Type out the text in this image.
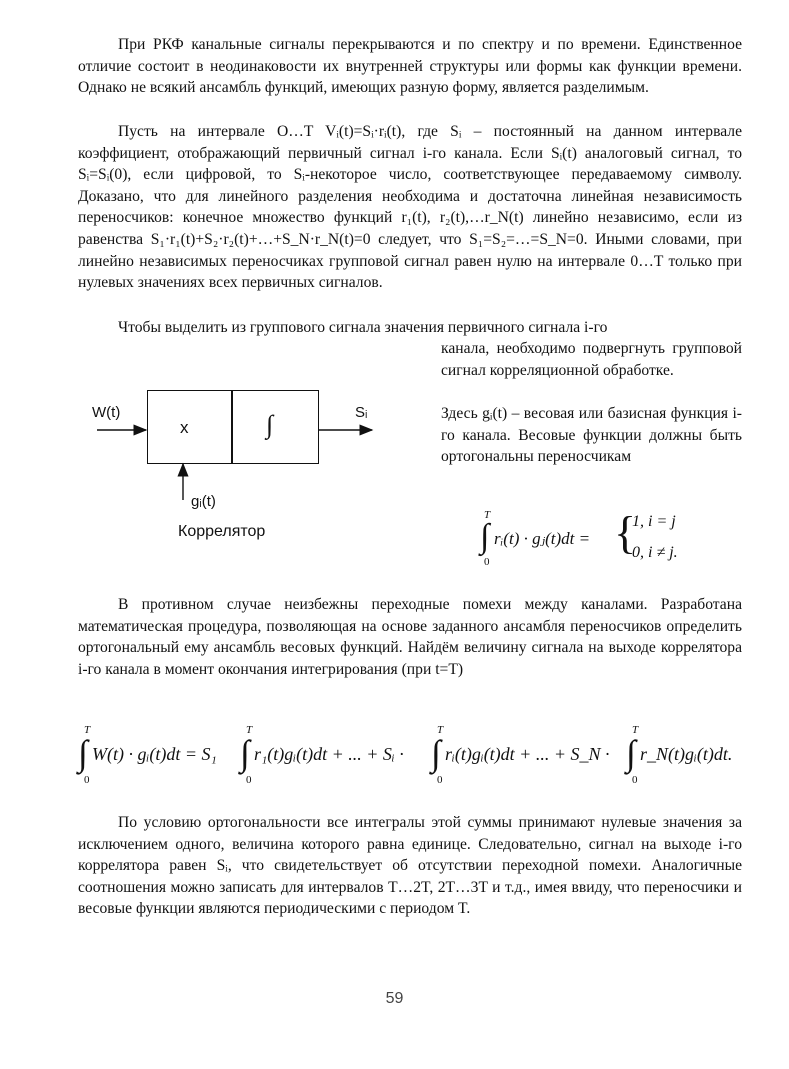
При РКФ канальные сигналы перекрываются и по спектру и по времени. Единственное отличие состоит в неодинаковости их внутренней структуры или формы как функции времени. Однако не всякий ансамбль функций, имеющих разную форму, является разделимым.

Пусть на интервале O…T Vᵢ(t)=Sᵢ·rᵢ(t), где Sᵢ – постоянный на данном интервале коэффициент, отображающий первичный сигнал i-го канала. Если Sᵢ(t) аналоговый сигнал, то Sᵢ=Sᵢ(0), если цифровой, то Sᵢ-некоторое число, соответствующее передаваемому символу. Доказано, что для линейного разделения необходима и достаточна линейная независимость переносчиков: конечное множество функций r₁(t), r₂(t),…r_N(t) линейно независимо, если из равенства S₁·r₁(t)+S₂·r₂(t)+…+S_N·r_N(t)=0 следует, что S₁=S₂=…=S_N=0. Иными словами, при линейно независимых переносчиках групповой сигнал равен нулю на интервале 0…T только при нулевых значениях всех первичных сигналов.

Чтобы выделить из группового сигнала значения первичного сигнала i-го

канала, необходимо подвергнуть групповой сигнал корреляционной обработке.

Здесь gᵢ(t) – весовая или базисная функция i-го канала. Весовые функции должны быть ортогональны переносчикам

W(t)
x	∫	Sᵢ
gᵢ(t)
Коррелятор
T
∫
0
rᵢ(t) · gⱼ(t)dt = {
1, i = j
0, i ≠ j.

В противном случае неизбежны переходные помехи между каналами. Разработана математическая процедура, позволяющая на основе заданного ансамбля переносчиков определить ортогональный ему ансамбль весовых функций. Найдём величину сигнала на выходе коррелятора i-го канала в момент окончания интегрирования (при t=T)

T
∫
0
W(t) · gᵢ(t)dt = S₁
T
∫
0
r₁(t)gᵢ(t)dt + ... + Sᵢ ·
T
∫
0
rᵢ(t)gᵢ(t)dt + ... + S_N ·
T
∫
0
r_N(t)gᵢ(t)dt.

По условию ортогональности все интегралы этой суммы принимают нулевые значения за исключением одного, величина которого равна единице. Следовательно, сигнал на выходе i-го коррелятора равен Sᵢ, что свидетельствует об отсутствии переходной помехи. Аналогичные соотношения можно записать для интервалов T…2T, 2T…3T и т.д., имея ввиду, что переносчики и весовые функции являются периодическими с периодом T.

59
